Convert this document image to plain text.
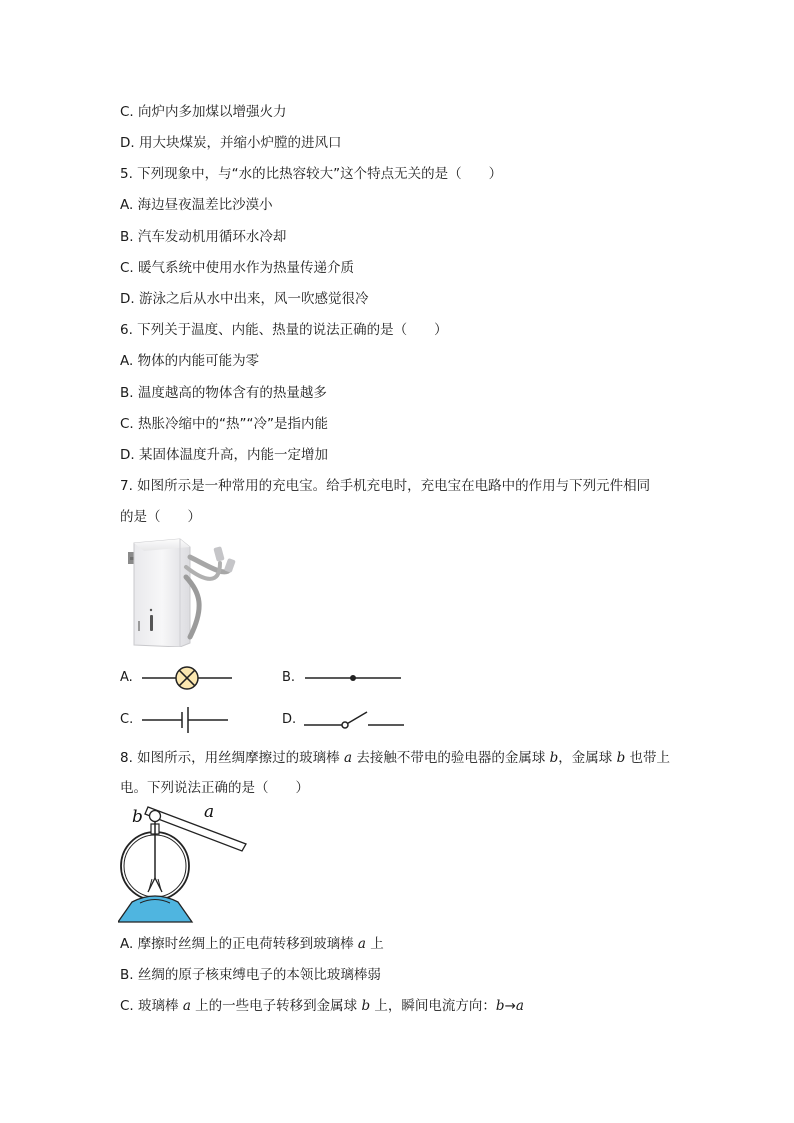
C. 向炉内多加煤以增强火力
D. 用大块煤炭，并缩小炉膛的进风口
5. 下列现象中，与“水的比热容较大”这个特点无关的是（　　）
A. 海边昼夜温差比沙漠小
B. 汽车发动机用循环水冷却
C. 暖气系统中使用水作为热量传递介质
D. 游泳之后从水中出来，风一吹感觉很冷
6. 下列关于温度、内能、热量的说法正确的是（　　）
A. 物体的内能可能为零
B. 温度越高的物体含有的热量越多
C. 热胀冷缩中的“热”“冷”是指内能
D. 某固体温度升高，内能一定增加
7. 如图所示是一种常用的充电宝。给手机充电时，充电宝在电路中的作用与下列元件相同
的是（　　）
A.	B.
C.	D.
8. 如图所示，用丝绸摩擦过的玻璃棒 a 去接触不带电的验电器的金属球 b，金属球 b 也带上
电。下列说法正确的是（　　）
b	a
A. 摩擦时丝绸上的正电荷转移到玻璃棒 a 上
B. 丝绸的原子核束缚电子的本领比玻璃棒弱
C. 玻璃棒 a 上的一些电子转移到金属球 b 上，瞬间电流方向：b→a
